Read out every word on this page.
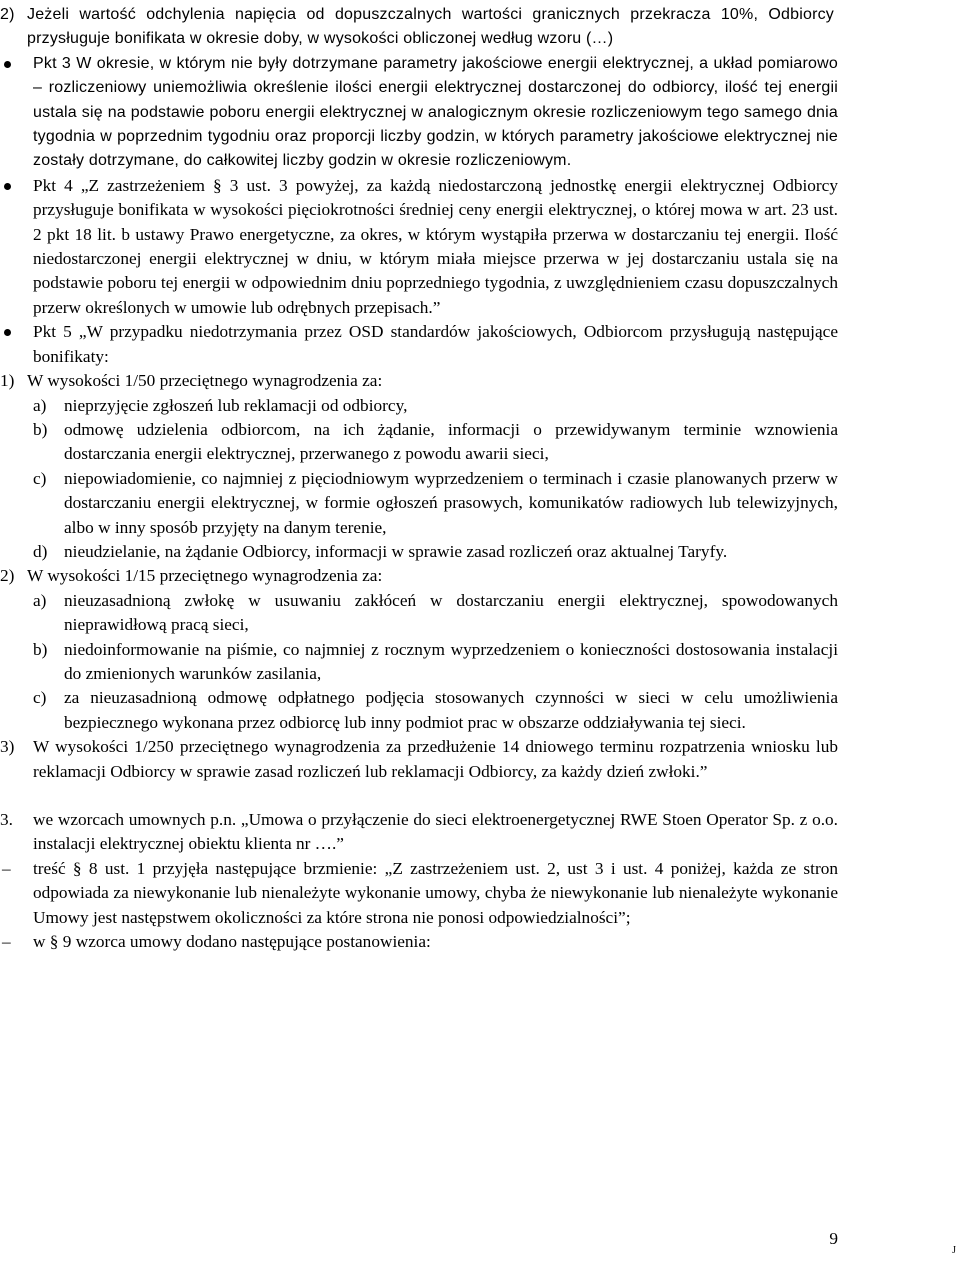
2) Jeżeli wartość odchylenia napięcia od dopuszczalnych wartości granicznych przekracza 10%, Odbiorcy przysługuje bonifikata w okresie doby, w wysokości obliczonej według wzoru (…)
Pkt 3 W okresie, w którym nie były dotrzymane parametry jakościowe energii elektrycznej, a układ pomiarowo – rozliczeniowy uniemożliwia określenie ilości energii elektrycznej dostarczonej do odbiorcy, ilość tej energii ustala się na podstawie poboru energii elektrycznej w analogicznym okresie rozliczeniowym tego samego dnia tygodnia w poprzednim tygodniu oraz proporcji liczby godzin, w których parametry jakościowe elektrycznej nie zostały dotrzymane, do całkowitej liczby godzin w okresie rozliczeniowym.
Pkt 4 „Z zastrzeżeniem § 3 ust. 3 powyżej, za każdą niedostarczoną jednostkę energii elektrycznej Odbiorcy przysługuje bonifikata w wysokości pięciokrotności średniej ceny energii elektrycznej, o której mowa w art. 23 ust. 2 pkt 18 lit. b ustawy Prawo energetyczne, za okres, w którym wystąpiła przerwa w dostarczaniu tej energii. Ilość niedostarczonej energii elektrycznej w dniu, w którym miała miejsce przerwa w jej dostarczaniu ustala się na podstawie poboru tej energii w odpowiednim dniu poprzedniego tygodnia, z uwzględnieniem czasu dopuszczalnych przerw określonych w umowie lub odrębnych przepisach.”
Pkt 5 „W przypadku niedotrzymania przez OSD standardów jakościowych, Odbiorcom przysługują następujące bonifikaty:
1) W wysokości 1/50 przeciętnego wynagrodzenia za:
a) nieprzyjęcie zgłoszeń lub reklamacji od odbiorcy,
b) odmowę udzielenia odbiorcom, na ich żądanie, informacji o przewidywanym terminie wznowienia dostarczania energii elektrycznej, przerwanego z powodu awarii sieci,
c) niepowiadomienie, co najmniej z pięciodniowym wyprzedzeniem o terminach i czasie planowanych przerw w dostarczaniu energii elektrycznej, w formie ogłoszeń prasowych, komunikatów radiowych lub telewizyjnych, albo w inny sposób przyjęty na danym terenie,
d) nieudzielanie, na żądanie Odbiorcy, informacji w sprawie zasad rozliczeń oraz aktualnej Taryfy.
2) W wysokości 1/15 przeciętnego wynagrodzenia za:
a) nieuzasadnioną zwłokę w usuwaniu zakłóceń w dostarczaniu energii elektrycznej, spowodowanych nieprawidłową pracą sieci,
b) niedoinformowanie na piśmie, co najmniej z rocznym wyprzedzeniem o konieczności dostosowania instalacji do zmienionych warunków zasilania,
c) za nieuzasadnioną odmowę odpłatnego podjęcia stosowanych czynności w sieci w celu umożliwienia bezpiecznego wykonana przez odbiorcę lub inny podmiot prac w obszarze oddziaływania tej sieci.
3) W wysokości 1/250 przeciętnego wynagrodzenia za przedłużenie 14 dniowego terminu rozpatrzenia wniosku lub reklamacji Odbiorcy w sprawie zasad rozliczeń lub reklamacji Odbiorcy, za każdy dzień zwłoki.”
3. we wzorcach umownych p.n. „Umowa o przyłączenie do sieci elektroenergetycznej RWE Stoen Operator Sp. z o.o. instalacji elektrycznej obiektu klienta nr ….”
– treść § 8 ust. 1 przyjęła następujące brzmienie: „Z zastrzeżeniem ust. 2, ust 3 i ust. 4 poniżej, każda ze stron odpowiada za niewykonanie lub nienależyte wykonanie umowy, chyba że niewykonanie lub nienależyte wykonanie Umowy jest następstwem okoliczności za które strona nie ponosi odpowiedzialności”;
– w § 9 wzorca umowy dodano następujące postanowienia:
9
J
